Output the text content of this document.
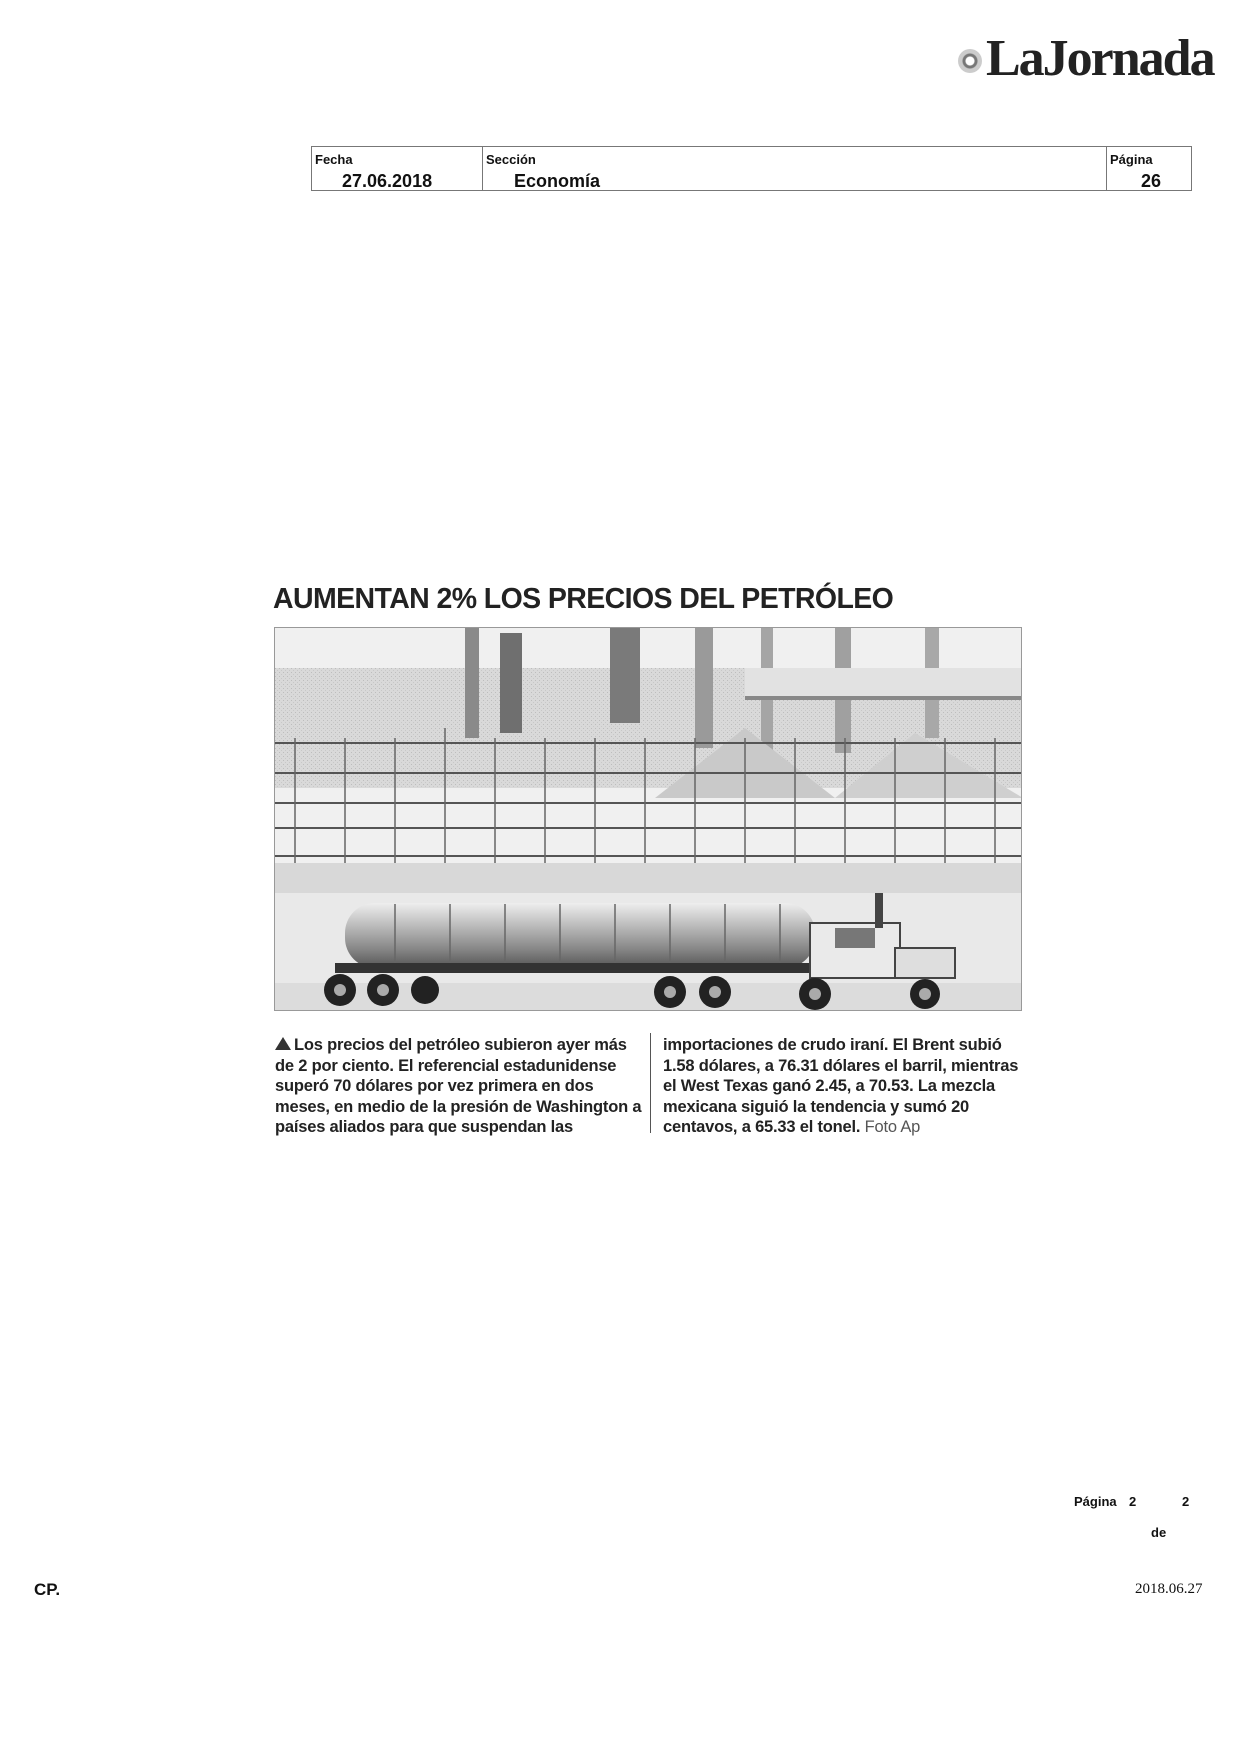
LaJornada
Fecha
27.06.2018
Sección
Economía
Página
26
AUMENTAN 2% LOS PRECIOS DEL PETRÓLEO
Los precios del petróleo subieron ayer más de 2 por ciento. El referencial estadunidense superó 70 dólares por vez primera en dos meses, en medio de la presión de Washington a países aliados para que suspendan las
importaciones de crudo iraní. El Brent subió 1.58 dólares, a 76.31 dólares el barril, mientras el West Texas ganó 2.45, a 70.53. La mezcla mexicana siguió la tendencia y sumó 20 centavos, a 65.33 el tonel. Foto Ap
Página 2	2
de
CP.	2018.06.27
